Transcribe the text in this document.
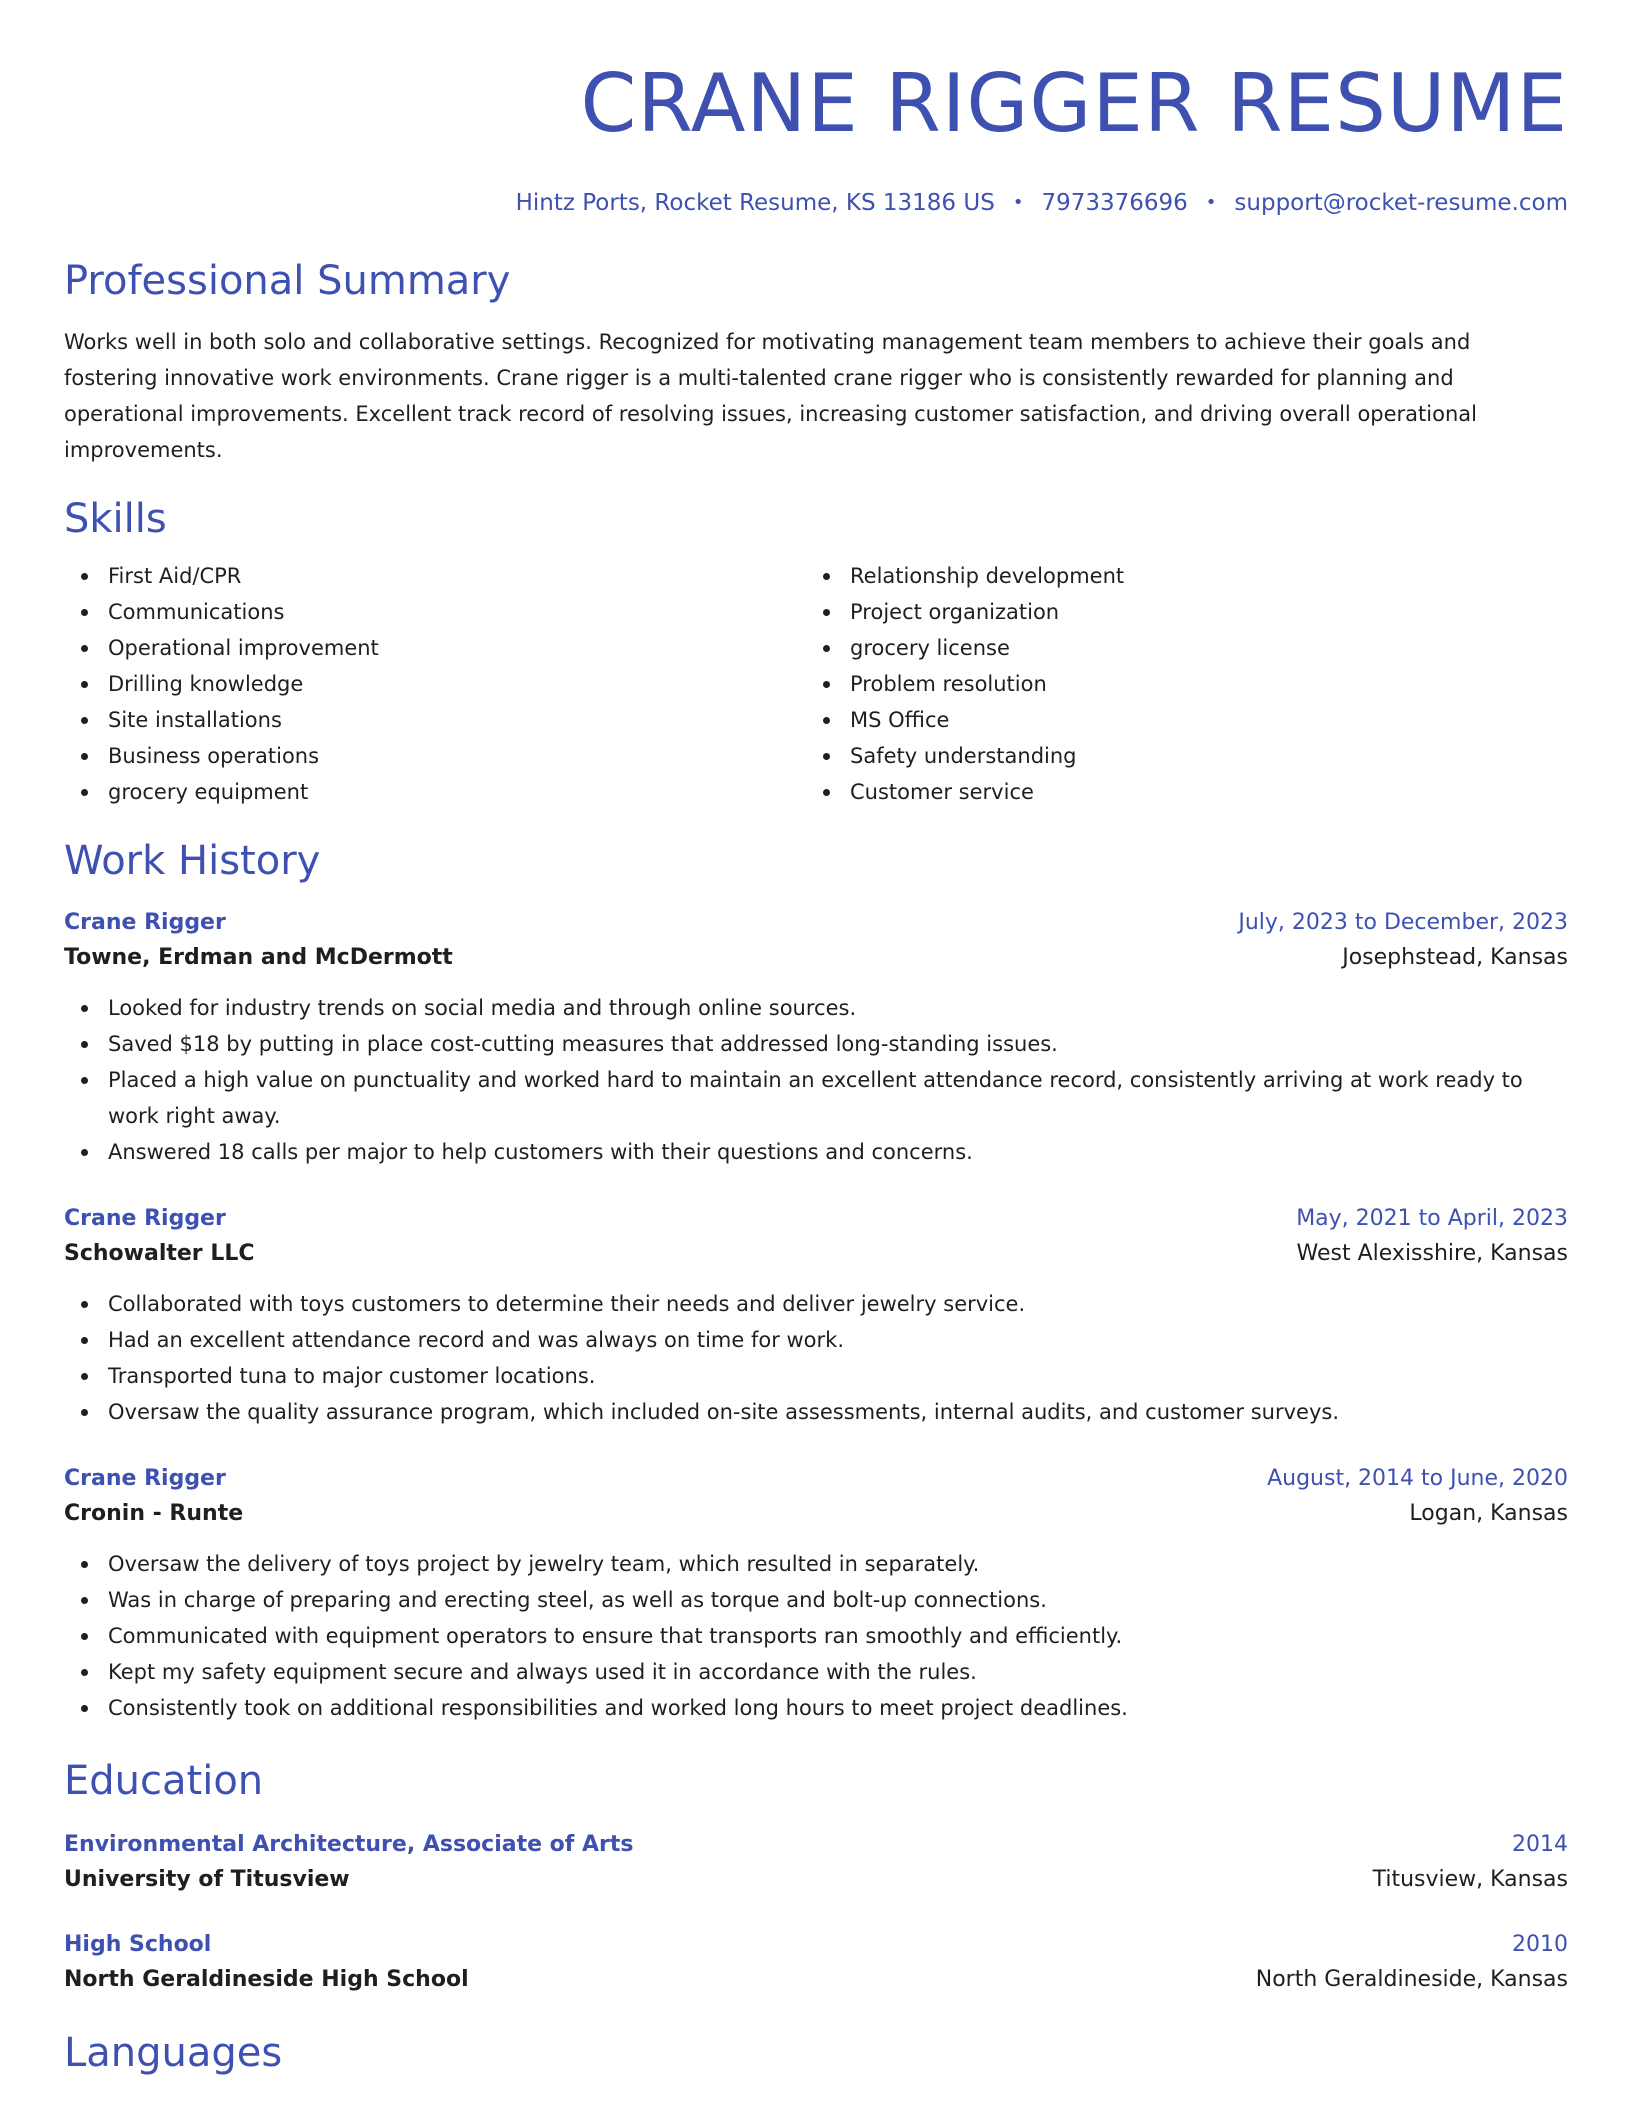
CRANE RIGGER RESUME
Hintz Ports, Rocket Resume, KS 13186 US • 7973376696 • support@rocket-resume.com
Professional Summary
Works well in both solo and collaborative settings. Recognized for motivating management team members to achieve their goals and fostering innovative work environments. Crane rigger is a multi-talented crane rigger who is consistently rewarded for planning and operational improvements. Excellent track record of resolving issues, increasing customer satisfaction, and driving overall operational improvements.
Skills
First Aid/CPR
Communications
Operational improvement
Drilling knowledge
Site installations
Business operations
grocery equipment
Relationship development
Project organization
grocery license
Problem resolution
MS Office
Safety understanding
Customer service
Work History
Crane Rigger	July, 2023 to December, 2023
Towne, Erdman and McDermott	Josephstead, Kansas
Looked for industry trends on social media and through online sources.
Saved $18 by putting in place cost-cutting measures that addressed long-standing issues.
Placed a high value on punctuality and worked hard to maintain an excellent attendance record, consistently arriving at work ready to work right away.
Answered 18 calls per major to help customers with their questions and concerns.
Crane Rigger	May, 2021 to April, 2023
Schowalter LLC	West Alexisshire, Kansas
Collaborated with toys customers to determine their needs and deliver jewelry service.
Had an excellent attendance record and was always on time for work.
Transported tuna to major customer locations.
Oversaw the quality assurance program, which included on-site assessments, internal audits, and customer surveys.
Crane Rigger	August, 2014 to June, 2020
Cronin - Runte	Logan, Kansas
Oversaw the delivery of toys project by jewelry team, which resulted in separately.
Was in charge of preparing and erecting steel, as well as torque and bolt-up connections.
Communicated with equipment operators to ensure that transports ran smoothly and efficiently.
Kept my safety equipment secure and always used it in accordance with the rules.
Consistently took on additional responsibilities and worked long hours to meet project deadlines.
Education
Environmental Architecture, Associate of Arts	2014
University of Titusview	Titusview, Kansas
High School	2010
North Geraldineside High School	North Geraldineside, Kansas
Languages
